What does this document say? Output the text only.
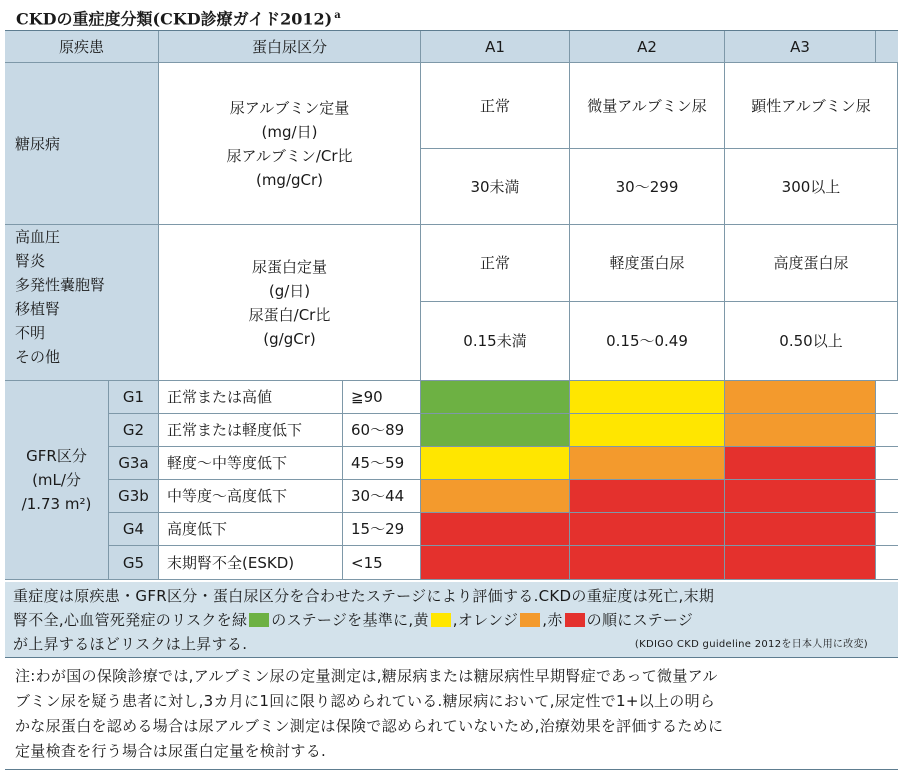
CKDの重症度分類(CKD診療ガイド2012) $^a$
原疾患	蛋白尿区分	A1	A2	A3
糖尿病
尿アルブミン定量
(mg/日)
尿アルブミン/Cr比
(mg/gCr)
正常	微量アルブミン尿	顕性アルブミン尿
30未満	30〜299	300以上
高血圧
腎炎
多発性嚢胞腎
移植腎
不明
その他
尿蛋白定量
(g/日)
尿蛋白/Cr比
(g/gCr)
正常	軽度蛋白尿	高度蛋白尿
0.15未満	0.15〜0.49	0.50以上
GFR区分
(mL/分
/1.73 m²)
G1	正常または高値	≧90
G2	正常または軽度低下	60〜89
G3a	軽度〜中等度低下	45〜59
G3b	中等度〜高度低下	30〜44
G4	高度低下	15〜29
G5	末期腎不全(ESKD)	<15
重症度は原疾患・GFR区分・蛋白尿区分を合わせたステージにより評価する.CKDの重症度は死亡,末期
腎不全,心血管死発症のリスクを緑 のステージを基準に,黄 ,オレンジ ,赤 の順にステージ
が上昇するほどリスクは上昇する.	(KDIGO CKD guideline 2012を日本人用に改変)
注:わが国の保険診療では,アルブミン尿の定量測定は,糖尿病または糖尿病性早期腎症であって微量アル
ブミン尿を疑う患者に対し,3カ月に1回に限り認められている.糖尿病において,尿定性で1+以上の明ら
かな尿蛋白を認める場合は尿アルブミン測定は保険で認められていないため,治療効果を評価するために
定量検査を行う場合は尿蛋白定量を検討する.
